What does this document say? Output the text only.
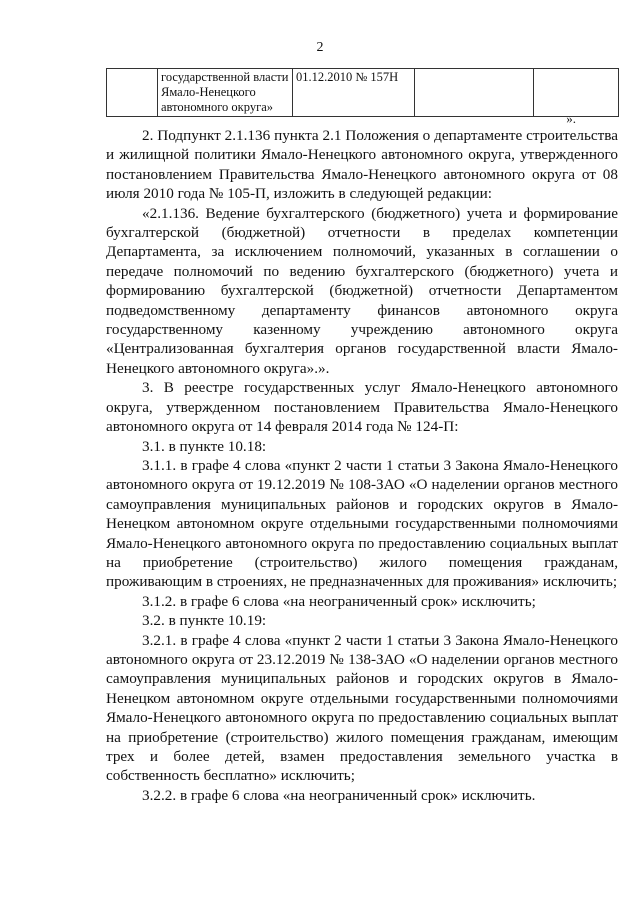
2
	государственной власти Ямало-Ненецкого автономного округа»	01.12.2010 № 157Н		
».

2. Подпункт 2.1.136 пункта 2.1 Положения о департаменте строительства и жилищной политики Ямало-Ненецкого автономного округа, утвержденного постановлением Правительства Ямало-Ненецкого автономного округа от 08 июля 2010 года № 105-П, изложить в следующей редакции:

«2.1.136. Ведение бухгалтерского (бюджетного) учета и формирование бухгалтерской (бюджетной) отчетности в пределах компетенции Департамента, за исключением полномочий, указанных в соглашении о передаче полномочий по ведению бухгалтерского (бюджетного) учета и формированию бухгалтерской (бюджетной) отчетности Департаментом подведомственному департаменту финансов автономного округа государственному казенному учреждению автономного округа «Централизованная бухгалтерия органов государственной власти Ямало-Ненецкого автономного округа».».

3. В реестре государственных услуг Ямало-Ненецкого автономного округа, утвержденном постановлением Правительства Ямало-Ненецкого автономного округа от 14 февраля 2014 года № 124-П:

3.1. в пункте 10.18:

3.1.1. в графе 4 слова «пункт 2 части 1 статьи 3 Закона Ямало-Ненецкого автономного округа от 19.12.2019 № 108-ЗАО «О наделении органов местного самоуправления муниципальных районов и городских округов в Ямало-Ненецком автономном округе отдельными государственными полномочиями Ямало-Ненецкого автономного округа по предоставлению социальных выплат на приобретение (строительство) жилого помещения гражданам, проживающим в строениях, не предназначенных для проживания» исключить;

3.1.2. в графе 6 слова «на неограниченный срок» исключить;

3.2. в пункте 10.19:

3.2.1. в графе 4 слова «пункт 2 части 1 статьи 3 Закона Ямало-Ненецкого автономного округа от 23.12.2019 № 138-ЗАО «О наделении органов местного самоуправления муниципальных районов и городских округов в Ямало-Ненецком автономном округе отдельными государственными полномочиями Ямало-Ненецкого автономного округа по предоставлению социальных выплат на приобретение (строительство) жилого помещения гражданам, имеющим трех и более детей, взамен предоставления земельного участка в собственность бесплатно» исключить;

3.2.2. в графе 6 слова «на неограниченный срок» исключить.
